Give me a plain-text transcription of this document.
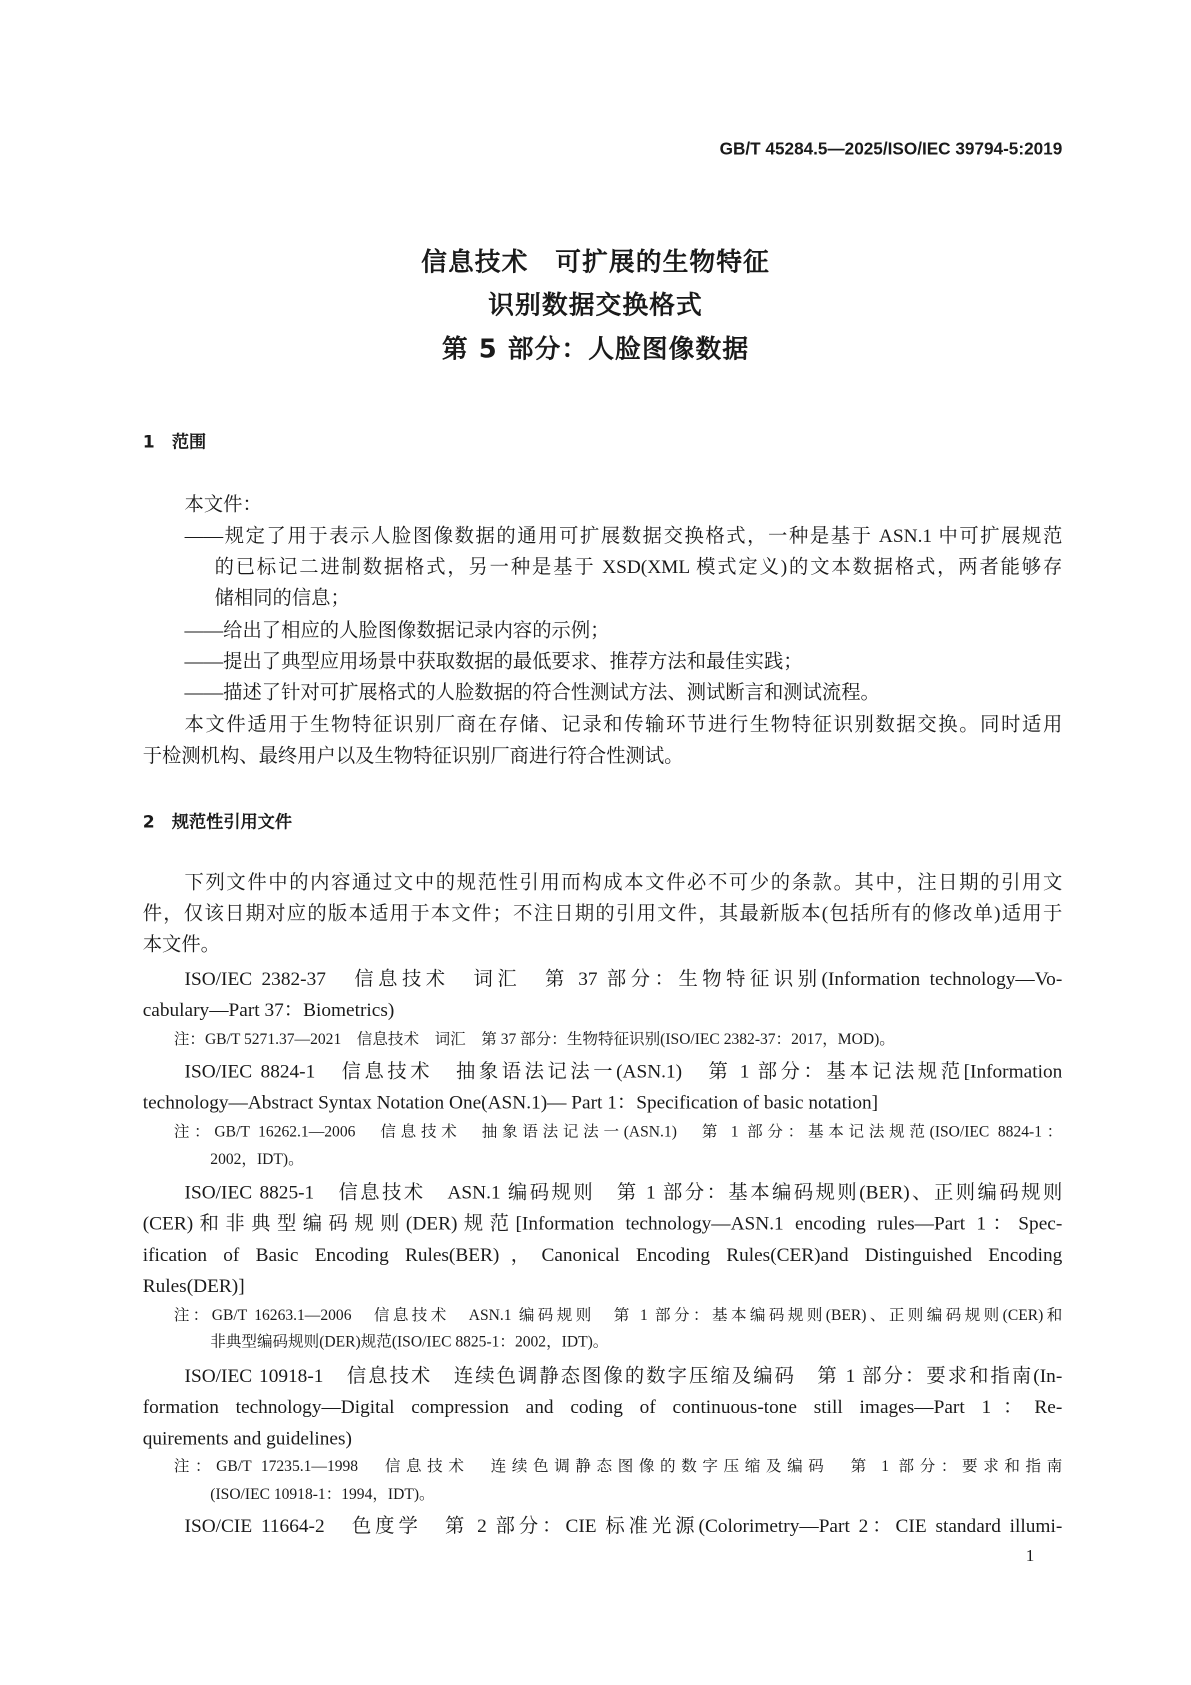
GB/T 45284.5—2025/ISO/IEC 39794-5:2019
信息技术　可扩展的生物特征
识别数据交换格式
第 5 部分：人脸图像数据
1　范围
本文件：
——规定了用于表示人脸图像数据的通用可扩展数据交换格式，一种是基于 ASN.1 中可扩展规范
的已标记二进制数据格式，另一种是基于 XSD(XML 模式定义)的文本数据格式，两者能够存
储相同的信息；
——给出了相应的人脸图像数据记录内容的示例；
——提出了典型应用场景中获取数据的最低要求、推荐方法和最佳实践；
——描述了针对可扩展格式的人脸数据的符合性测试方法、测试断言和测试流程。
本文件适用于生物特征识别厂商在存储、记录和传输环节进行生物特征识别数据交换。同时适用
于检测机构、最终用户以及生物特征识别厂商进行符合性测试。
2　规范性引用文件
下列文件中的内容通过文中的规范性引用而构成本文件必不可少的条款。其中，注日期的引用文
件，仅该日期对应的版本适用于本文件；不注日期的引用文件，其最新版本(包括所有的修改单)适用于
本文件。
ISO/IEC 2382-37　信息技术　词汇　第 37 部分：生物特征识别(Information technology—Vo-
cabulary—Part 37：Biometrics)
注：GB/T 5271.37—2021　信息技术　词汇　第 37 部分：生物特征识别(ISO/IEC 2382-37：2017，MOD)。
ISO/IEC 8824-1　信息技术　抽象语法记法一(ASN.1)　第 1 部分：基本记法规范[Information
technology—Abstract Syntax Notation One(ASN.1)— Part 1：Specification of basic notation]
注：GB/T 16262.1—2006　信息技术　抽象语法记法一(ASN.1)　第 1 部分：基本记法规范(ISO/IEC 8824-1：
2002，IDT)。
ISO/IEC 8825-1　信息技术　ASN.1 编码规则　第 1 部分：基本编码规则(BER)、正则编码规则
(CER)和非典型编码规则(DER)规范[Information technology—ASN.1 encoding rules—Part 1：Spec-
ification of Basic Encoding Rules(BER)，Canonical Encoding Rules(CER)and Distinguished Encoding
Rules(DER)]
注：GB/T 16263.1—2006　信息技术　ASN.1 编码规则　第 1 部分：基本编码规则(BER)、正则编码规则(CER)和
非典型编码规则(DER)规范(ISO/IEC 8825-1：2002，IDT)。
ISO/IEC 10918-1　信息技术　连续色调静态图像的数字压缩及编码　第 1 部分：要求和指南(In-
formation technology—Digital compression and coding of continuous-tone still images—Part 1：Re-
quirements and guidelines)
注：GB/T 17235.1—1998　信息技术　连续色调静态图像的数字压缩及编码　第 1 部分：要求和指南
(ISO/IEC 10918-1：1994，IDT)。
ISO/CIE 11664-2　色度学　第 2 部分：CIE 标准光源(Colorimetry—Part 2：CIE standard illumi-
1
